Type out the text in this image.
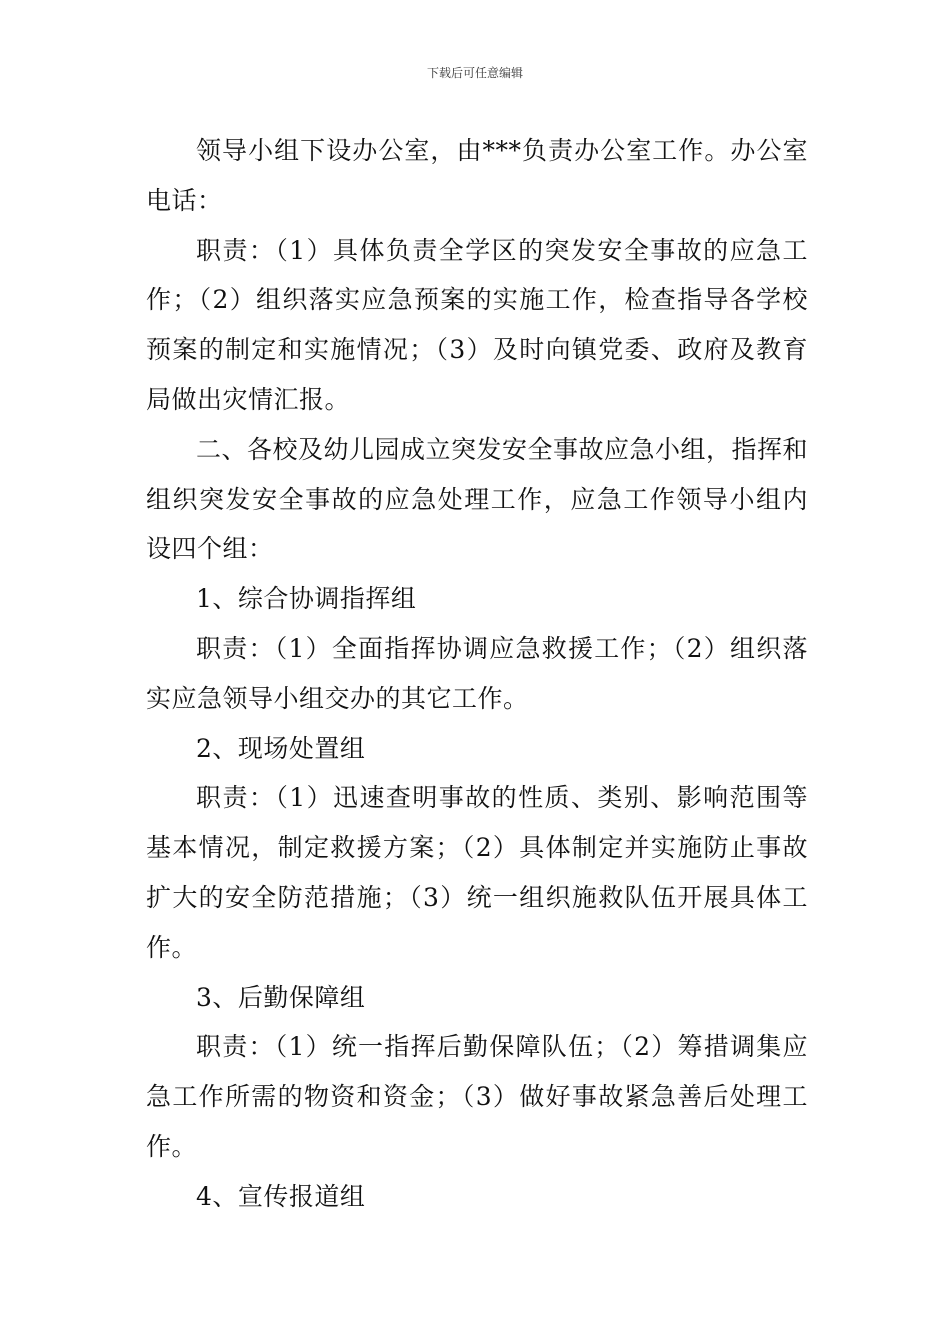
下载后可任意编辑

领导小组下设办公室，由***负责办公室工作。办公室电话：

职责：（1）具体负责全学区的突发安全事故的应急工作；（2）组织落实应急预案的实施工作，检查指导各学校预案的制定和实施情况；（3）及时向镇党委、政府及教育局做出灾情汇报。

二、各校及幼儿园成立突发安全事故应急小组，指挥和组织突发安全事故的应急处理工作，应急工作领导小组内设四个组：

1、综合协调指挥组

职责：（1）全面指挥协调应急救援工作；（2）组织落实应急领导小组交办的其它工作。

2、现场处置组

职责：（1）迅速查明事故的性质、类别、影响范围等基本情况，制定救援方案；（2）具体制定并实施防止事故扩大的安全防范措施；（3）统一组织施救队伍开展具体工作。

3、后勤保障组

职责：（1）统一指挥后勤保障队伍；（2）筹措调集应急工作所需的物资和资金；（3）做好事故紧急善后处理工作。

4、宣传报道组
